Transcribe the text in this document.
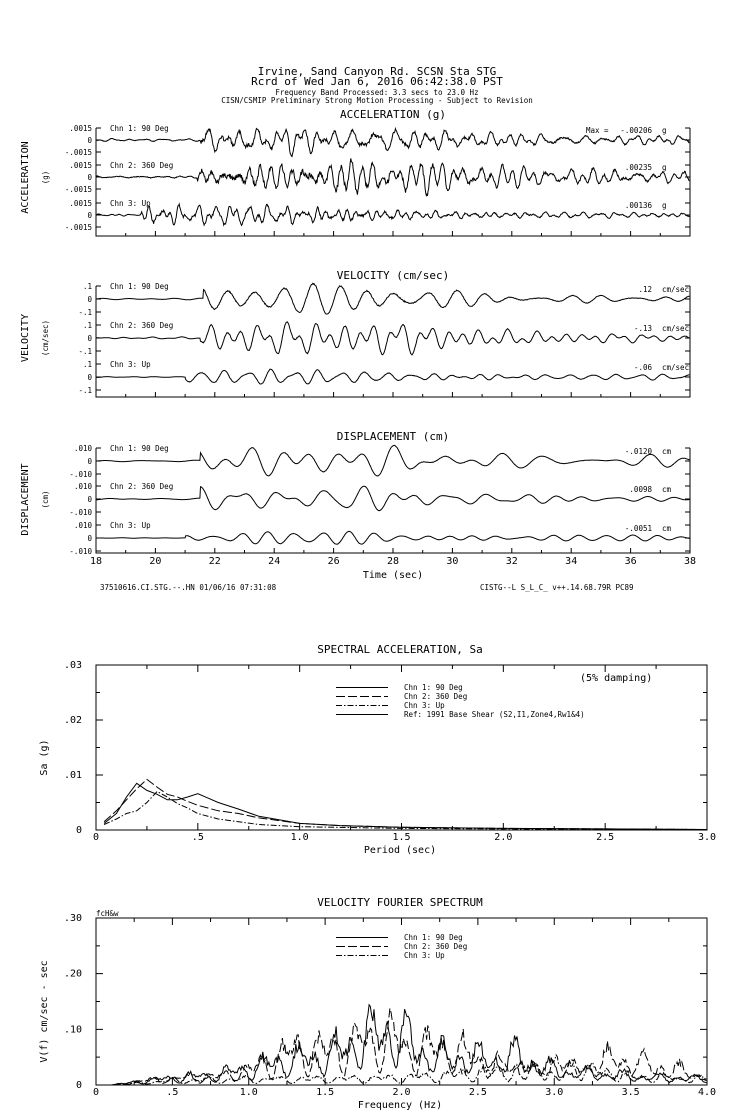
Irvine, Sand Canyon Rd. SCSN Sta STG
Rcrd of Wed Jan 6, 2016 06:42:38.0 PST
Frequency Band Processed: 3.3 secs to 23.0 Hz
CISN/CSMIP Preliminary Strong Motion Processing - Subject to Revision
ACCELERATION (g)
ACCELERATION (g)
.0015
0
-.0015
Chn 1: 90 Deg	Max = -.00206 g
.0015
0
-.0015
Chn 2: 360 Deg	.00235 g
.0015
0
-.0015
Chn 3: Up	.00136 g
VELOCITY (cm/sec)
VELOCITY (cm/sec)
.1
0
-.1
Chn 1: 90 Deg	.12 cm/sec
.1
0
-.1
Chn 2: 360 Deg	-.13 cm/sec
.1
0
-.1
Chn 3: Up	-.06 cm/sec
DISPLACEMENT (cm)
DISPLACEMENT (cm)
.010
0
-.010
Chn 1: 90 Deg	-.0120 cm
.010
0
-.010
Chn 2: 360 Deg	.0098 cm
.010
0
-.010
Chn 3: Up	-.0051 cm
18	20	22	24	26	28	30	32	34	36	38
Time (sec)
SPECTRAL ACCELERATION, Sa
0	.5	1.0	1.5	2.0	2.5	3.0
0
.01
.02
.03
Period (sec)
Sa (g)
(5% damping)
Chn 1: 90 Deg
Chn 2: 360 Deg
Chn 3: Up
Ref: 1991 Base Shear (S2,I1,Zone4,Rw1&4)
VELOCITY FOURIER SPECTRUM
0	.5	1.0	1.5	2.0	2.5	3.0	3.5	4.0
0
.10
.20
.30
Frequency (Hz)
V(f) cm/sec - sec
fcH&w
Chn 1: 90 Deg
Chn 2: 360 Deg
Chn 3: Up
37510616.CI.STG.--.HN 01/06/16 07:31:08	CISTG--L S_L_C_ v++.14.68.79R PC89
